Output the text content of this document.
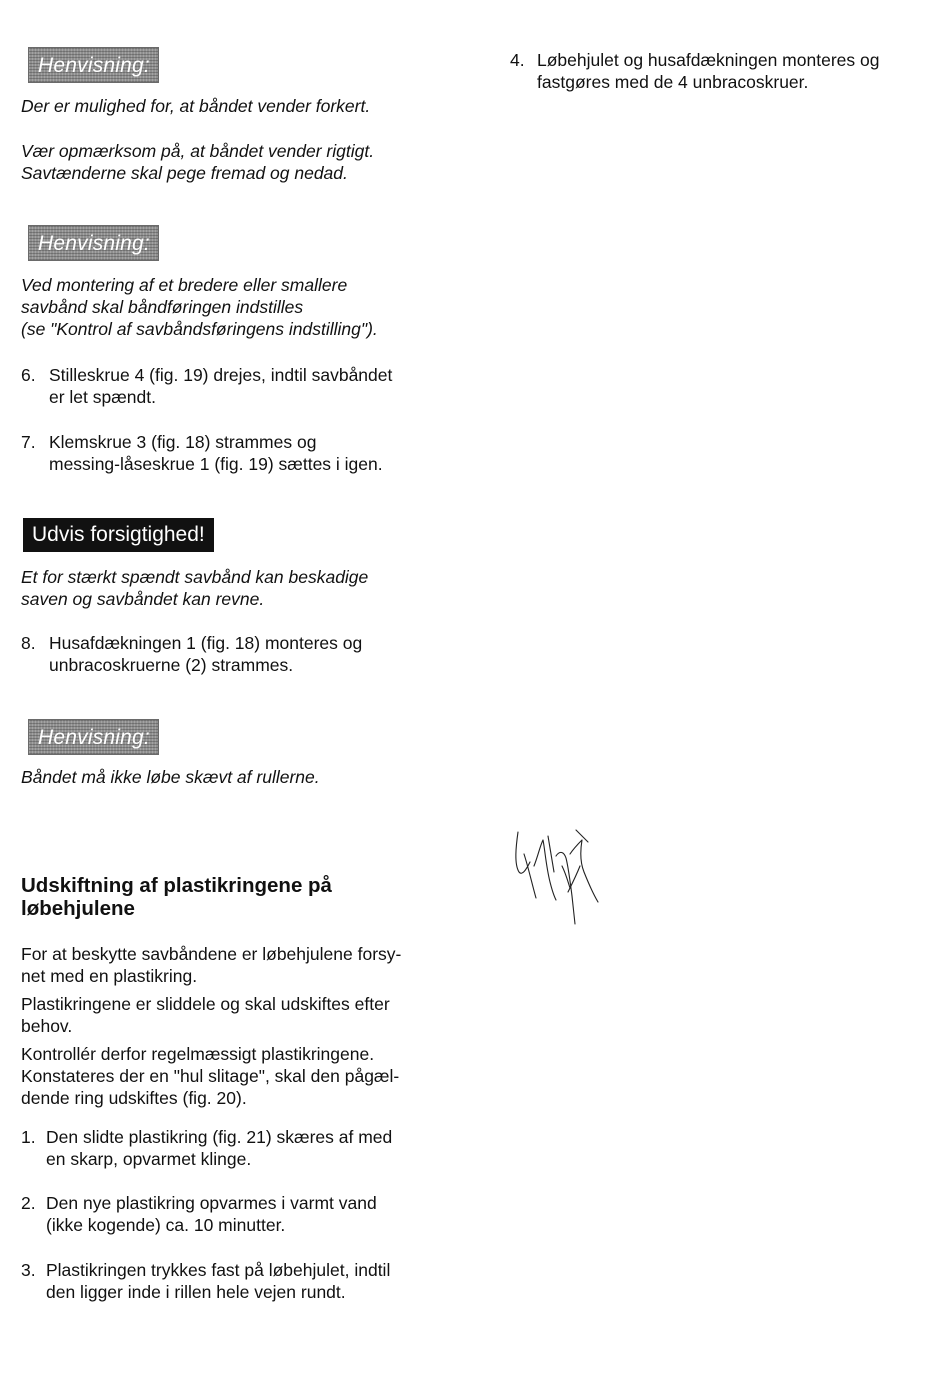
Henvisning:
Der er mulighed for, at båndet vender forkert.
Vær opmærksom på, at båndet vender rigtigt.
Savtænderne skal pege fremad og nedad.
Henvisning:
Ved montering af et bredere eller smallere
savbånd skal båndføringen indstilles
(se "Kontrol af savbåndsføringens indstilling").
6. Stilleskrue 4 (fig. 19) drejes, indtil savbåndet
er let spændt.
7. Klemskrue 3 (fig. 18) strammes og
messing-låseskrue 1 (fig. 19) sættes i igen.
Udvis forsigtighed!
Et for stærkt spændt savbånd kan beskadige
saven og savbåndet kan revne.
8. Husafdækningen 1 (fig. 18) monteres og
unbracoskruerne (2) strammes.
Henvisning:
Båndet må ikke løbe skævt af rullerne.
Udskiftning af plastikringene på
løbehjulene
For at beskytte savbåndene er løbehjulene forsy-
net med en plastikring.
Plastikringene er sliddele og skal udskiftes efter
behov.
Kontrollér derfor regelmæssigt plastikringene.
Konstateres der en "hul slitage", skal den pågæl-
dende ring udskiftes (fig. 20).
1. Den slidte plastikring (fig. 21) skæres af med
en skarp, opvarmet klinge.
2. Den nye plastikring opvarmes i varmt vand
(ikke kogende) ca. 10 minutter.
3. Plastikringen trykkes fast på løbehjulet, indtil
den ligger inde i rillen hele vejen rundt.
4. Løbehjulet og husafdækningen monteres og
fastgøres med de 4 unbracoskruer.
